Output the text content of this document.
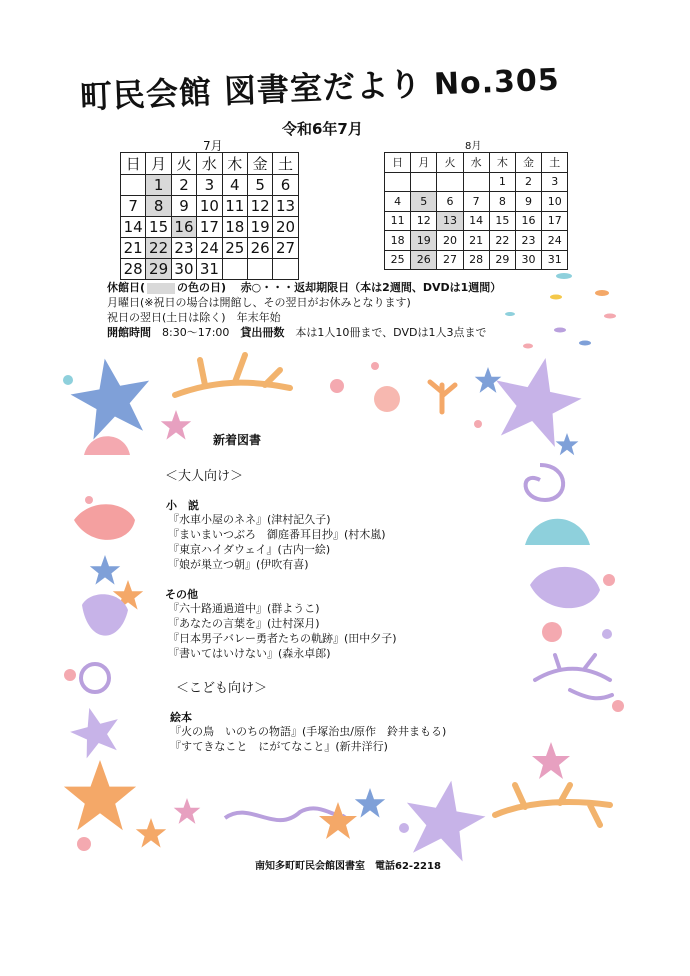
町民会館 図書室だより No.305
令和6年7月
7月
日	月	火	水	木	金	土
	1	2	3	4	5	6
7	8	9	10	11	12	13
14	15	16	17	18	19	20
21	22	23	24	25	26	27
28	29	30	31			
8月
日	月	火	水	木	金	土
				1	2	3
4	5	6	7	8	9	10
11	12	13	14	15	16	17
18	19	20	21	22	23	24
25	26	27	28	29	30	31
休館日(	の色の日)　 赤○・・・返却期限日（本は2週間、DVDは1週間）
月曜日(※祝日の場合は開館し、その翌日がお休みとなります)
祝日の翌日(土日は除く)　年末年始
開館時間　 8:30～17:00　 貸出冊数　 本は1人10冊まで、DVDは1人3点まで
新着図書
＜大人向け＞
小　説
『水車小屋のネネ』(津村記久子)
『まいまいつぶろ　御庭番耳目抄』(村木嵐)
『東京ハイダウェイ』(古内一絵)
『娘が巣立つ朝』(伊吹有喜)
その他
『六十路通過道中』(群ようこ)
『あなたの言葉を』(辻村深月)
『日本男子バレー勇者たちの軌跡』(田中夕子)
『書いてはいけない』(森永卓郎)
＜こども向け＞
絵本
『火の鳥　いのちの物語』(手塚治虫/原作　鈴井まもる)
『すてきなこと　にがてなこと』(新井洋行)
南知多町町民会館図書室　電話62-2218
